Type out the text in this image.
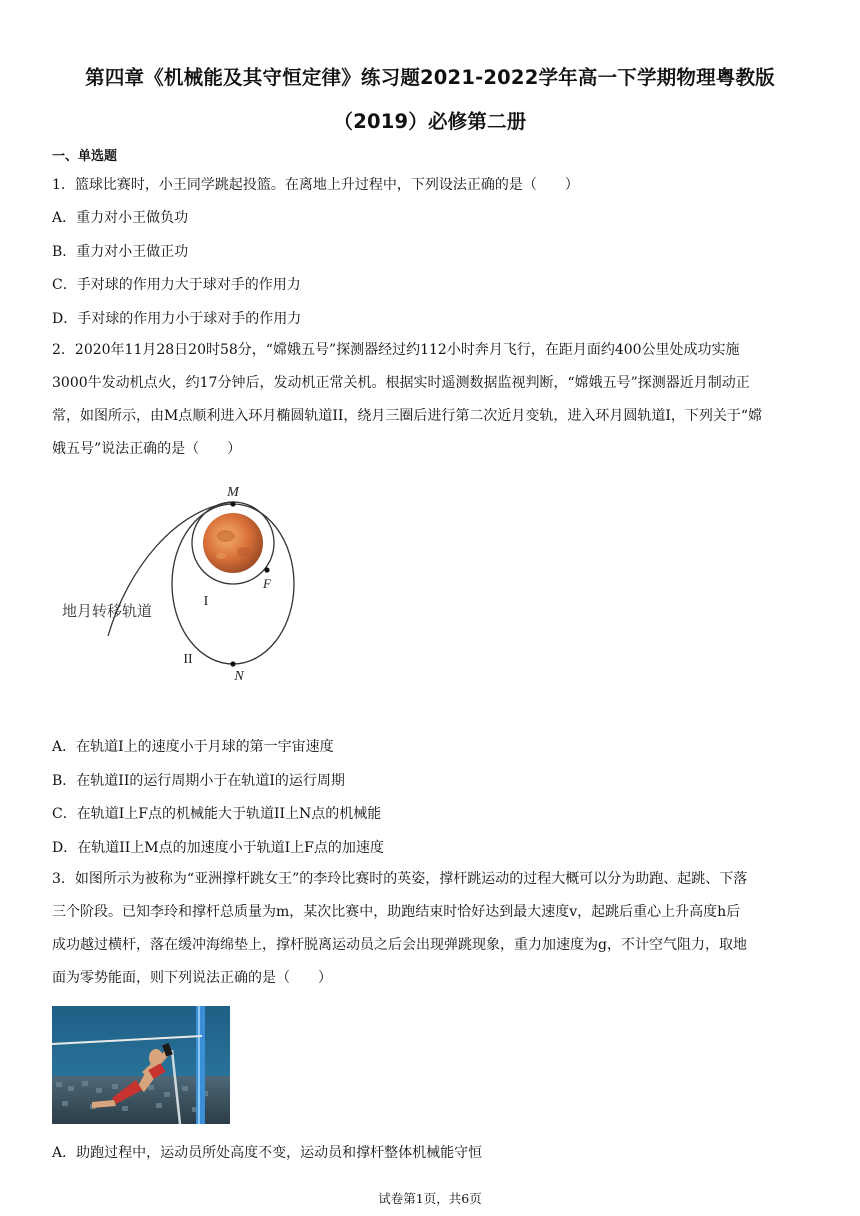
第四章《机械能及其守恒定律》练习题2021-2022学年高一下学期物理粤教版
（2019）必修第二册
一、单选题
1．篮球比赛时，小王同学跳起投篮。在离地上升过程中，下列设法正确的是（　　）
A．重力对小王做负功
B．重力对小王做正功
C．手对球的作用力大于球对手的作用力
D．手对球的作用力小于球对手的作用力
2．2020年11月28日20时58分，“嫦娥五号”探测器经过约112小时奔月飞行，在距月面约400公里处成功实施
3000牛发动机点火，约17分钟后，发动机正常关机。根据实时遥测数据监视判断，“嫦娥五号”探测器近月制动正
常，如图所示，由M点顺利进入环月椭圆轨道II，绕月三圈后进行第二次近月变轨，进入环月圆轨道I，下列关于“嫦
娥五号”说法正确的是（　　）
M
F
N
I
II
地月转移轨道
A．在轨道I上的速度小于月球的第一宇宙速度
B．在轨道II的运行周期小于在轨道I的运行周期
C．在轨道I上F点的机械能大于轨道II上N点的机械能
D．在轨道II上M点的加速度小于轨道I上F点的加速度
3．如图所示为被称为“亚洲撑杆跳女王”的李玲比赛时的英姿，撑杆跳运动的过程大概可以分为助跑、起跳、下落
三个阶段。已知李玲和撑杆总质量为m，某次比赛中，助跑结束时恰好达到最大速度v，起跳后重心上升高度h后
成功越过横杆，落在缓冲海绵垫上，撑杆脱离运动员之后会出现弹跳现象，重力加速度为g，不计空气阻力，取地
面为零势能面，则下列说法正确的是（　　）
A．助跑过程中，运动员所处高度不变，运动员和撑杆整体机械能守恒
试卷第1页，共6页
